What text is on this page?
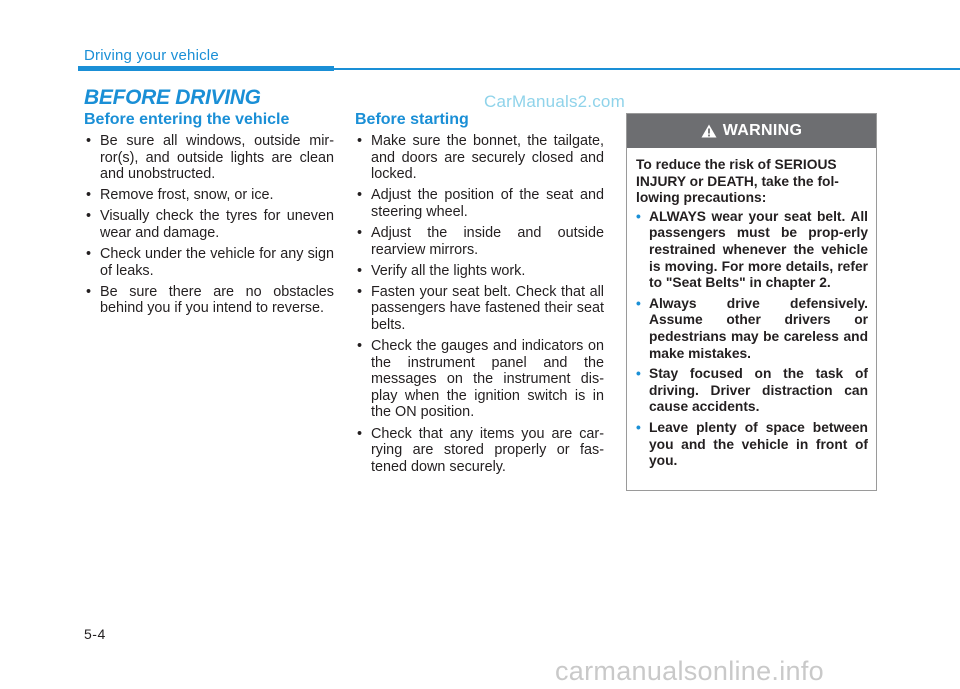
Driving your vehicle
BEFORE DRIVING	CarManuals2.com
Before entering the vehicle
• Be sure all windows, outside mir-ror(s), and outside lights are clean and unobstructed.
• Remove frost, snow, or ice.
• Visually check the tyres for uneven wear and damage.
• Check under the vehicle for any sign of leaks.
• Be sure there are no obstacles behind you if you intend to reverse.
Before starting
• Make sure the bonnet, the tailgate, and doors are securely closed and locked.
• Adjust the position of the seat and steering wheel.
• Adjust the inside and outside rearview mirrors.
• Verify all the lights work.
• Fasten your seat belt. Check that all passengers have fastened their seat belts.
• Check the gauges and indicators on the instrument panel and the messages on the instrument dis-play when the ignition switch is in the ON position.
• Check that any items you are car-rying are stored properly or fas-tened down securely.
WARNING
To reduce the risk of SERIOUS INJURY or DEATH, take the fol-lowing precautions:
• ALWAYS wear your seat belt. All passengers must be prop-erly restrained whenever the vehicle is moving. For more details, refer to "Seat Belts" in chapter 2.
• Always drive defensively. Assume other drivers or pedestrians may be careless and make mistakes.
• Stay focused on the task of driving. Driver distraction can cause accidents.
• Leave plenty of space between you and the vehicle in front of you.
5-4
carmanualsonline.info
